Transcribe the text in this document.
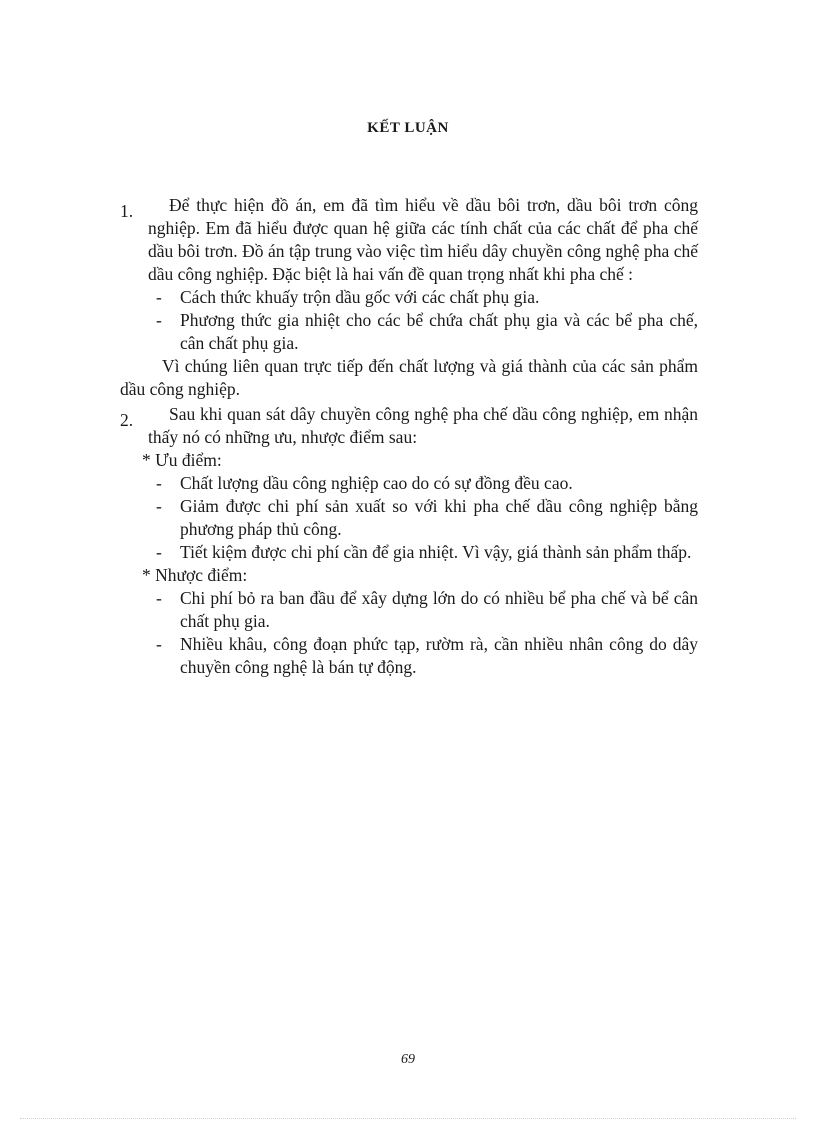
KẾT LUẬN
1.	Để thực hiện đồ án, em đã tìm hiểu về dầu bôi trơn, dầu bôi trơn công nghiệp. Em đã hiểu được quan hệ giữa các tính chất của các chất để pha chế dầu bôi trơn. Đồ án tập trung vào việc tìm hiểu dây chuyền công nghệ pha chế dầu công nghiệp. Đặc biệt là hai vấn đề quan trọng nhất khi pha chế :

- Cách thức khuấy trộn dầu gốc với các chất phụ gia.

- Phương thức gia nhiệt cho các bể chứa chất phụ gia và các bể pha chế, cân chất phụ gia.

Vì chúng liên quan trực tiếp đến chất lượng và giá thành của các sản phẩm dầu công nghiệp.

2.	Sau khi quan sát dây chuyền công nghệ pha chế dầu công nghiệp, em nhận thấy nó có những ưu, nhược điểm sau:

* Ưu điểm:

- Chất lượng dầu công nghiệp cao do có sự đồng đều cao.

- Giảm được chi phí sản xuất so với khi pha chế dầu công nghiệp bằng phương pháp thủ công.

- Tiết kiệm được chi phí cần để gia nhiệt. Vì vậy, giá thành sản phẩm thấp.

* Nhược điểm:

- Chi phí bỏ ra ban đầu để xây dựng lớn do có nhiều bể pha chế và bể cân chất phụ gia.

- Nhiều khâu, công đoạn phức tạp, rườm rà, cần nhiều nhân công do dây chuyền công nghệ là bán tự động.

69
